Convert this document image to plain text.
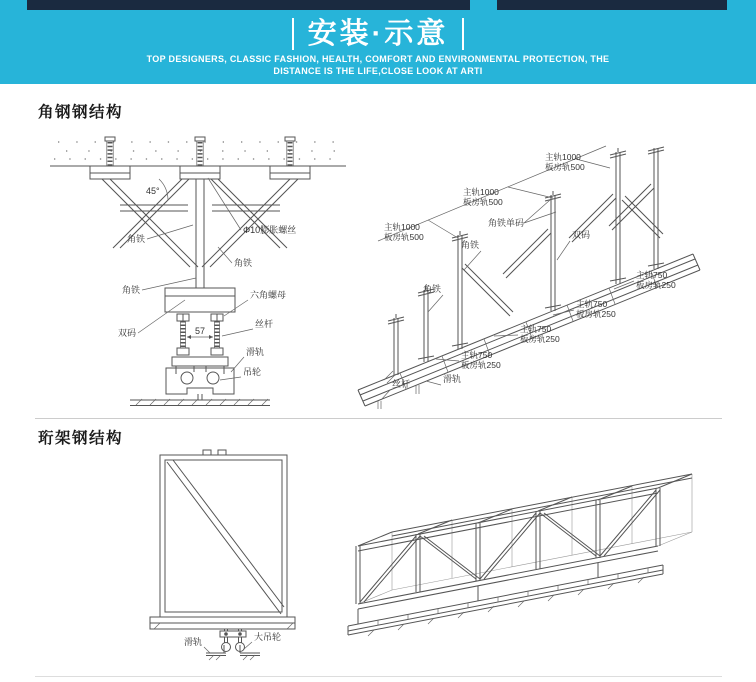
安装·示意
TOP DESIGNERS, CLASSIC FASHION, HEALTH, COMFORT AND ENVIRONMENTAL PROTECTION, THE
DISTANCE IS THE LIFE,CLOSE LOOK AT ARTI
角钢钢结构
45°
角铁
Φ10膨胀螺丝
角铁
角铁
双码
六角螺母
57
丝杆
滑轨
吊轮
主轨1000
板房轨500
主轨1000
板房轨500
主轨1000
板房轨500
角铁单码
双码
角铁
角铁
主轨750
板房轨250
主轨750
板房轨250
主轨750
板房轨250
主轨750
板房轨250
滑轨
丝杆
珩架钢结构
滑轨	大吊轮
